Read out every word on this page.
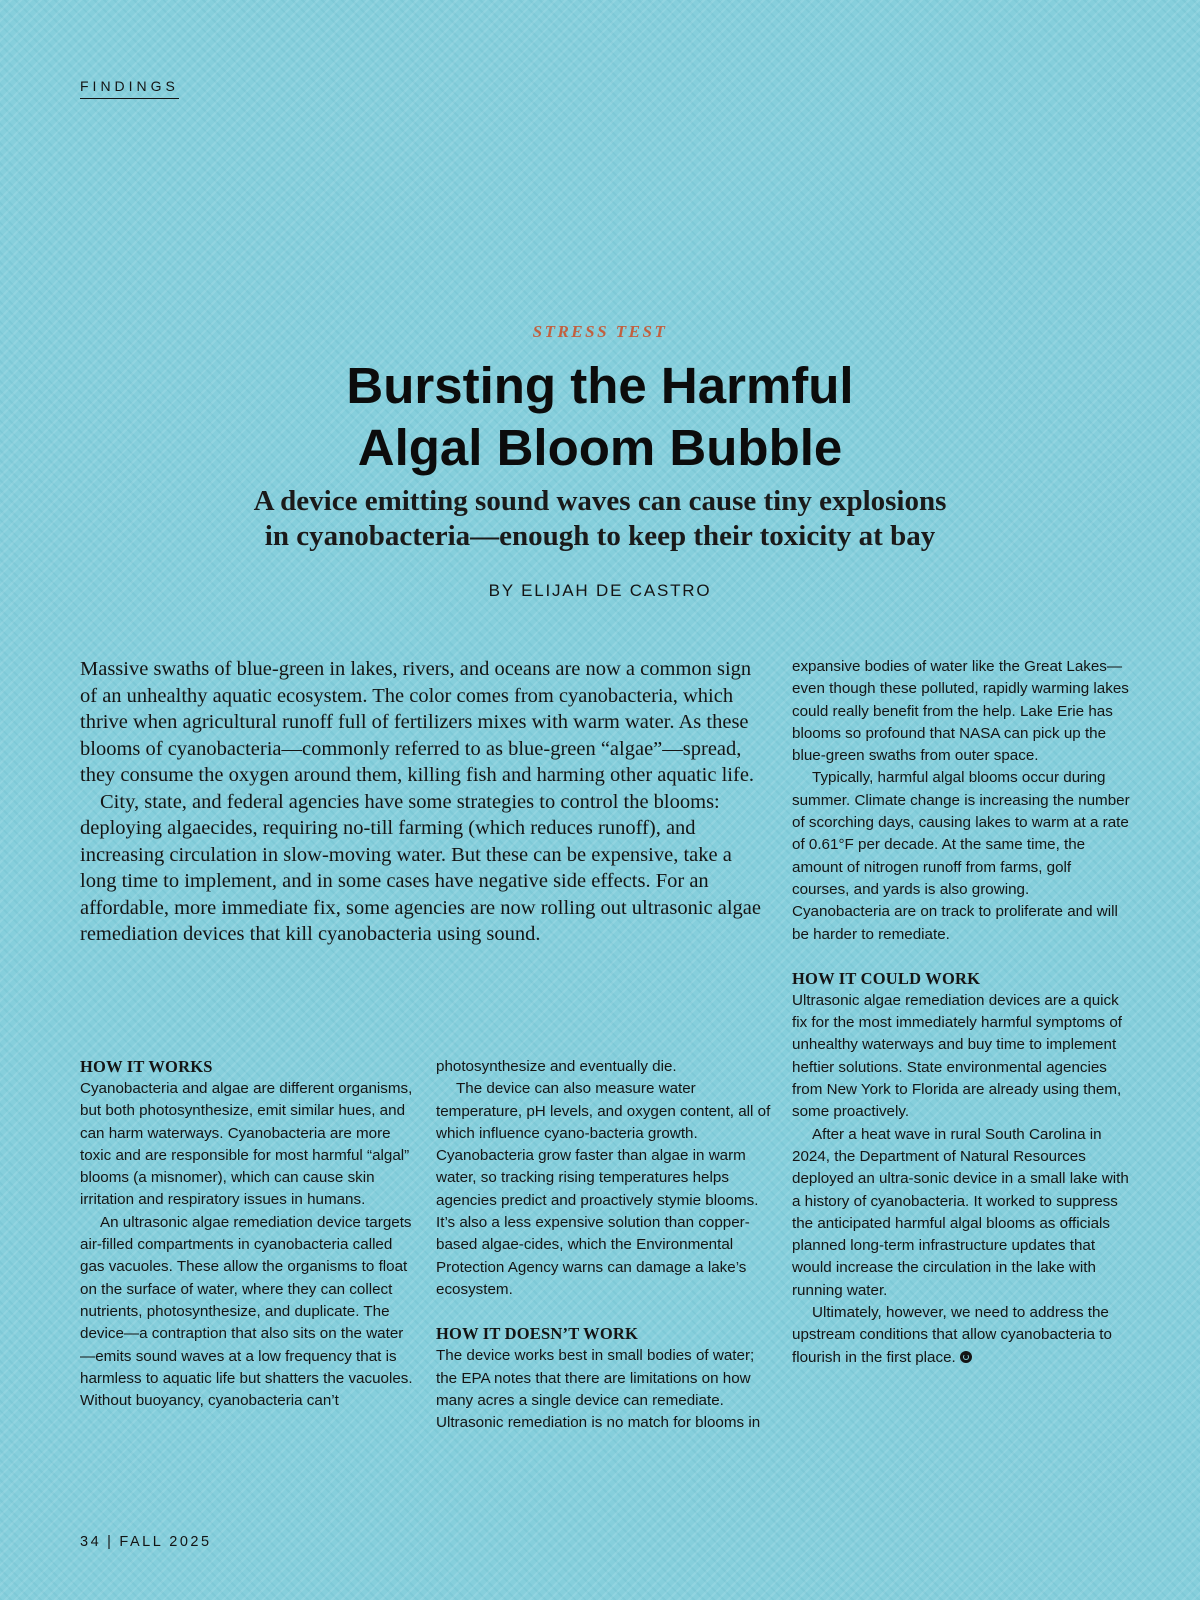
FINDINGS
STRESS TEST
Bursting the Harmful
Algal Bloom Bubble
A device emitting sound waves can cause tiny explosions
in cyanobacteria—enough to keep their toxicity at bay
BY ELIJAH DE CASTRO

Massive swaths of blue-green in lakes, rivers, and oceans are now a common sign of an unhealthy aquatic ecosystem. The color comes from cyanobacteria, which thrive when agricultural runoff full of fertilizers mixes with warm water. As these blooms of cyanobacteria—commonly referred to as blue-green “algae”—spread, they consume the oxygen around them, killing fish and harming other aquatic life.

City, state, and federal agencies have some strategies to control the blooms: deploying algaecides, requiring no-till farming (which reduces runoff), and increasing circulation in slow-moving water. But these can be expensive, take a long time to implement, and in some cases have negative side effects. For an affordable, more immediate fix, some agencies are now rolling out ultrasonic algae remediation devices that kill cyanobacteria using sound.

HOW IT WORKS

Cyanobacteria and algae are different organisms, but both photosynthesize, emit similar hues, and can harm waterways. Cyanobacteria are more toxic and are responsible for most harmful “algal” blooms (a misnomer), which can cause skin irritation and respiratory issues in humans.

An ultrasonic algae remediation device targets air-filled compartments in cyanobacteria called gas vacuoles. These allow the organisms to float on the surface of water, where they can collect nutrients, photosynthesize, and duplicate. The device—a contraption that also sits on the water—emits sound waves at a low frequency that is harmless to aquatic life but shatters the vacuoles. Without buoyancy, cyanobacteria can’t

photosynthesize and eventually die.

The device can also measure water temperature, pH levels, and oxygen content, all of which influence cyano-bacteria growth. Cyanobacteria grow faster than algae in warm water, so tracking rising temperatures helps agencies predict and proactively stymie blooms. It’s also a less expensive solution than copper-based algae-cides, which the Environmental Protection Agency warns can damage a lake’s ecosystem.

HOW IT DOESN’T WORK

The device works best in small bodies of water; the EPA notes that there are limitations on how many acres a single device can remediate. Ultrasonic remediation is no match for blooms in

expansive bodies of water like the Great Lakes—even though these polluted, rapidly warming lakes could really benefit from the help. Lake Erie has blooms so profound that NASA can pick up the blue-green swaths from outer space.

Typically, harmful algal blooms occur during summer. Climate change is increasing the number of scorching days, causing lakes to warm at a rate of 0.61°F per decade. At the same time, the amount of nitrogen runoff from farms, golf courses, and yards is also growing. Cyanobacteria are on track to proliferate and will be harder to remediate.

HOW IT COULD WORK

Ultrasonic algae remediation devices are a quick fix for the most immediately harmful symptoms of unhealthy waterways and buy time to implement heftier solutions. State environmental agencies from New York to Florida are already using them, some proactively.

After a heat wave in rural South Carolina in 2024, the Department of Natural Resources deployed an ultra-sonic device in a small lake with a history of cyanobacteria. It worked to suppress the anticipated harmful algal blooms as officials planned long-term infrastructure updates that would increase the circulation in the lake with running water.

Ultimately, however, we need to address the upstream conditions that allow cyanobacteria to flourish in the first place.

34 | FALL 2025
